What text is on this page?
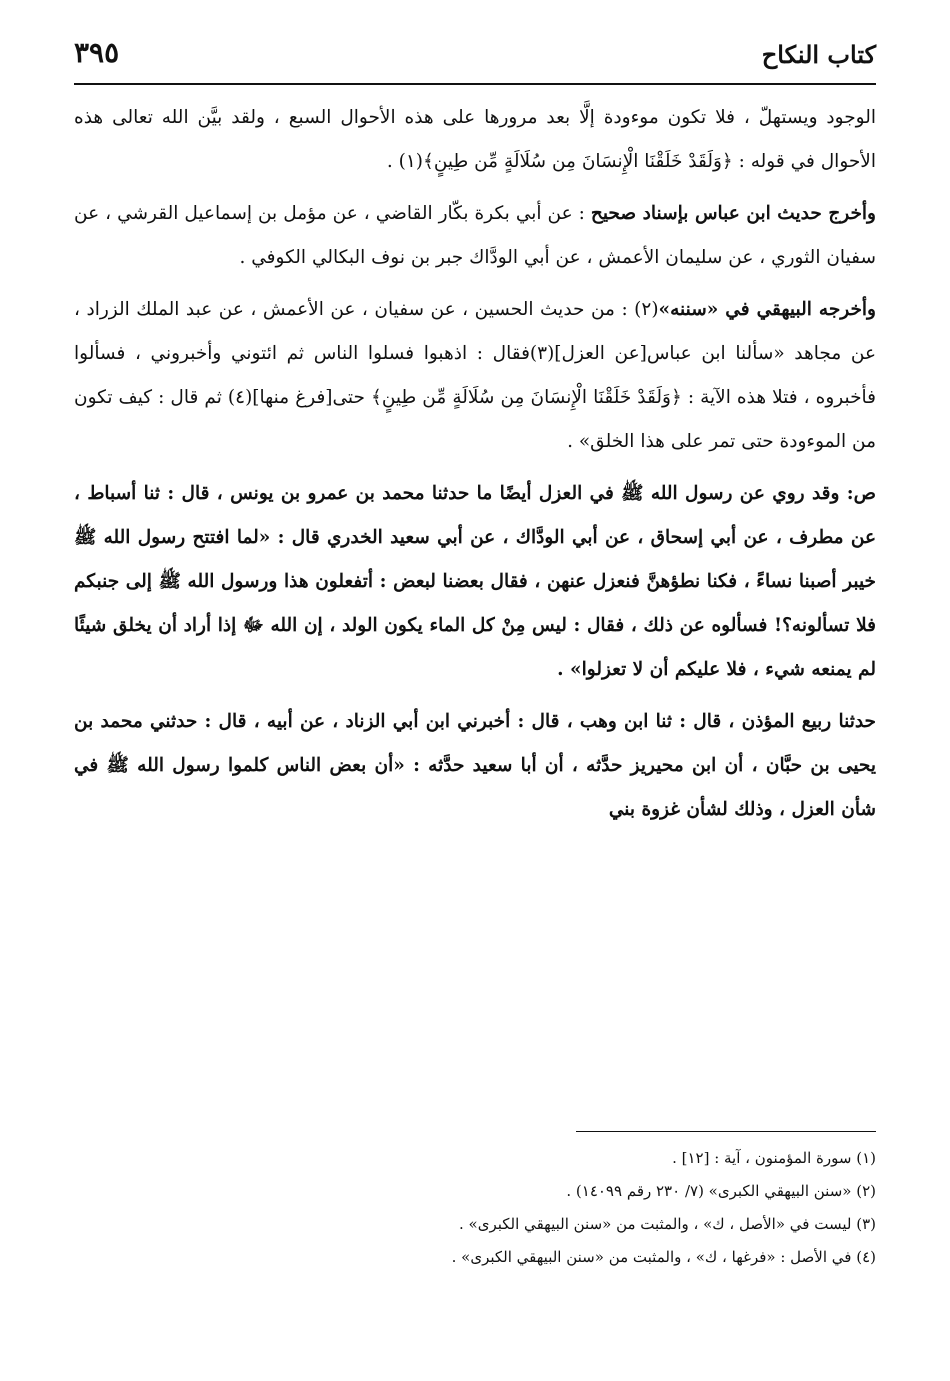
كتاب النكاح
٣٩٥

الوجود ويستهلّ ، فلا تكون موءودة إلَّا بعد مرورها على هذه الأحوال السبع ، ولقد بيَّن الله تعالى هذه الأحوال في قوله : ﴿وَلَقَدْ خَلَقْنَا الْإِنسَانَ مِن سُلَالَةٍ مِّن طِينٍ﴾(١) .

وأخرج حديث ابن عباس بإسناد صحيح : عن أبي بكرة بكّار القاضي ، عن مؤمل بن إسماعيل القرشي ، عن سفيان الثوري ، عن سليمان الأعمش ، عن أبي الودَّاك جبر بن نوف البكالي الكوفي .

وأخرجه البيهقي في «سننه»(٢) : من حديث الحسين ، عن سفيان ، عن الأعمش ، عن عبد الملك الزراد ، عن مجاهد «سألنا ابن عباس[عن العزل](٣)فقال : اذهبوا فسلوا الناس ثم ائتوني وأخبروني ، فسألوا فأخبروه ، فتلا هذه الآية : ﴿وَلَقَدْ خَلَقْنَا الْإِنسَانَ مِن سُلَالَةٍ مِّن طِينٍ﴾ حتى[فرغ منها](٤) ثم قال : كيف تكون من الموءودة حتى تمر على هذا الخلق» .

ص: وقد روي عن رسول الله ﷺ في العزل أيضًا ما حدثنا محمد بن عمرو بن يونس ، قال : ثنا أسباط ، عن مطرف ، عن أبي إسحاق ، عن أبي الودَّاك ، عن أبي سعيد الخدري قال : «لما افتتح رسول الله ﷺ خيبر أصبنا نساءً ، فكنا نطؤهنَّ فنعزل عنهن ، فقال بعضنا لبعض : أتفعلون هذا ورسول الله ﷺ إلى جنبكم فلا تسألونه؟! فسألوه عن ذلك ، فقال : ليس مِنْ كل الماء يكون الولد ، إن الله ﷻ إذا أراد أن يخلق شيئًا لم يمنعه شيء ، فلا عليكم أن لا تعزلوا» .

حدثنا ربيع المؤذن ، قال : ثنا ابن وهب ، قال : أخبرني ابن أبي الزناد ، عن أبيه ، قال : حدثني محمد بن يحيى بن حبَّان ، أن ابن محيريز حدَّثه ، أن أبا سعيد حدَّثه : «أن بعض الناس كلموا رسول الله ﷺ في شأن العزل ، وذلك لشأن غزوة بني

(١) سورة المؤمنون ، آية : [١٢] .

(٢) «سنن البيهقي الكبرى» (٧/ ٢٣٠ رقم ١٤٠٩٩) .

(٣) ليست في «الأصل ، ك» ، والمثبت من «سنن البيهقي الكبرى» .

(٤) في الأصل : «فرغها ، ك» ، والمثبت من «سنن البيهقي الكبرى» .
